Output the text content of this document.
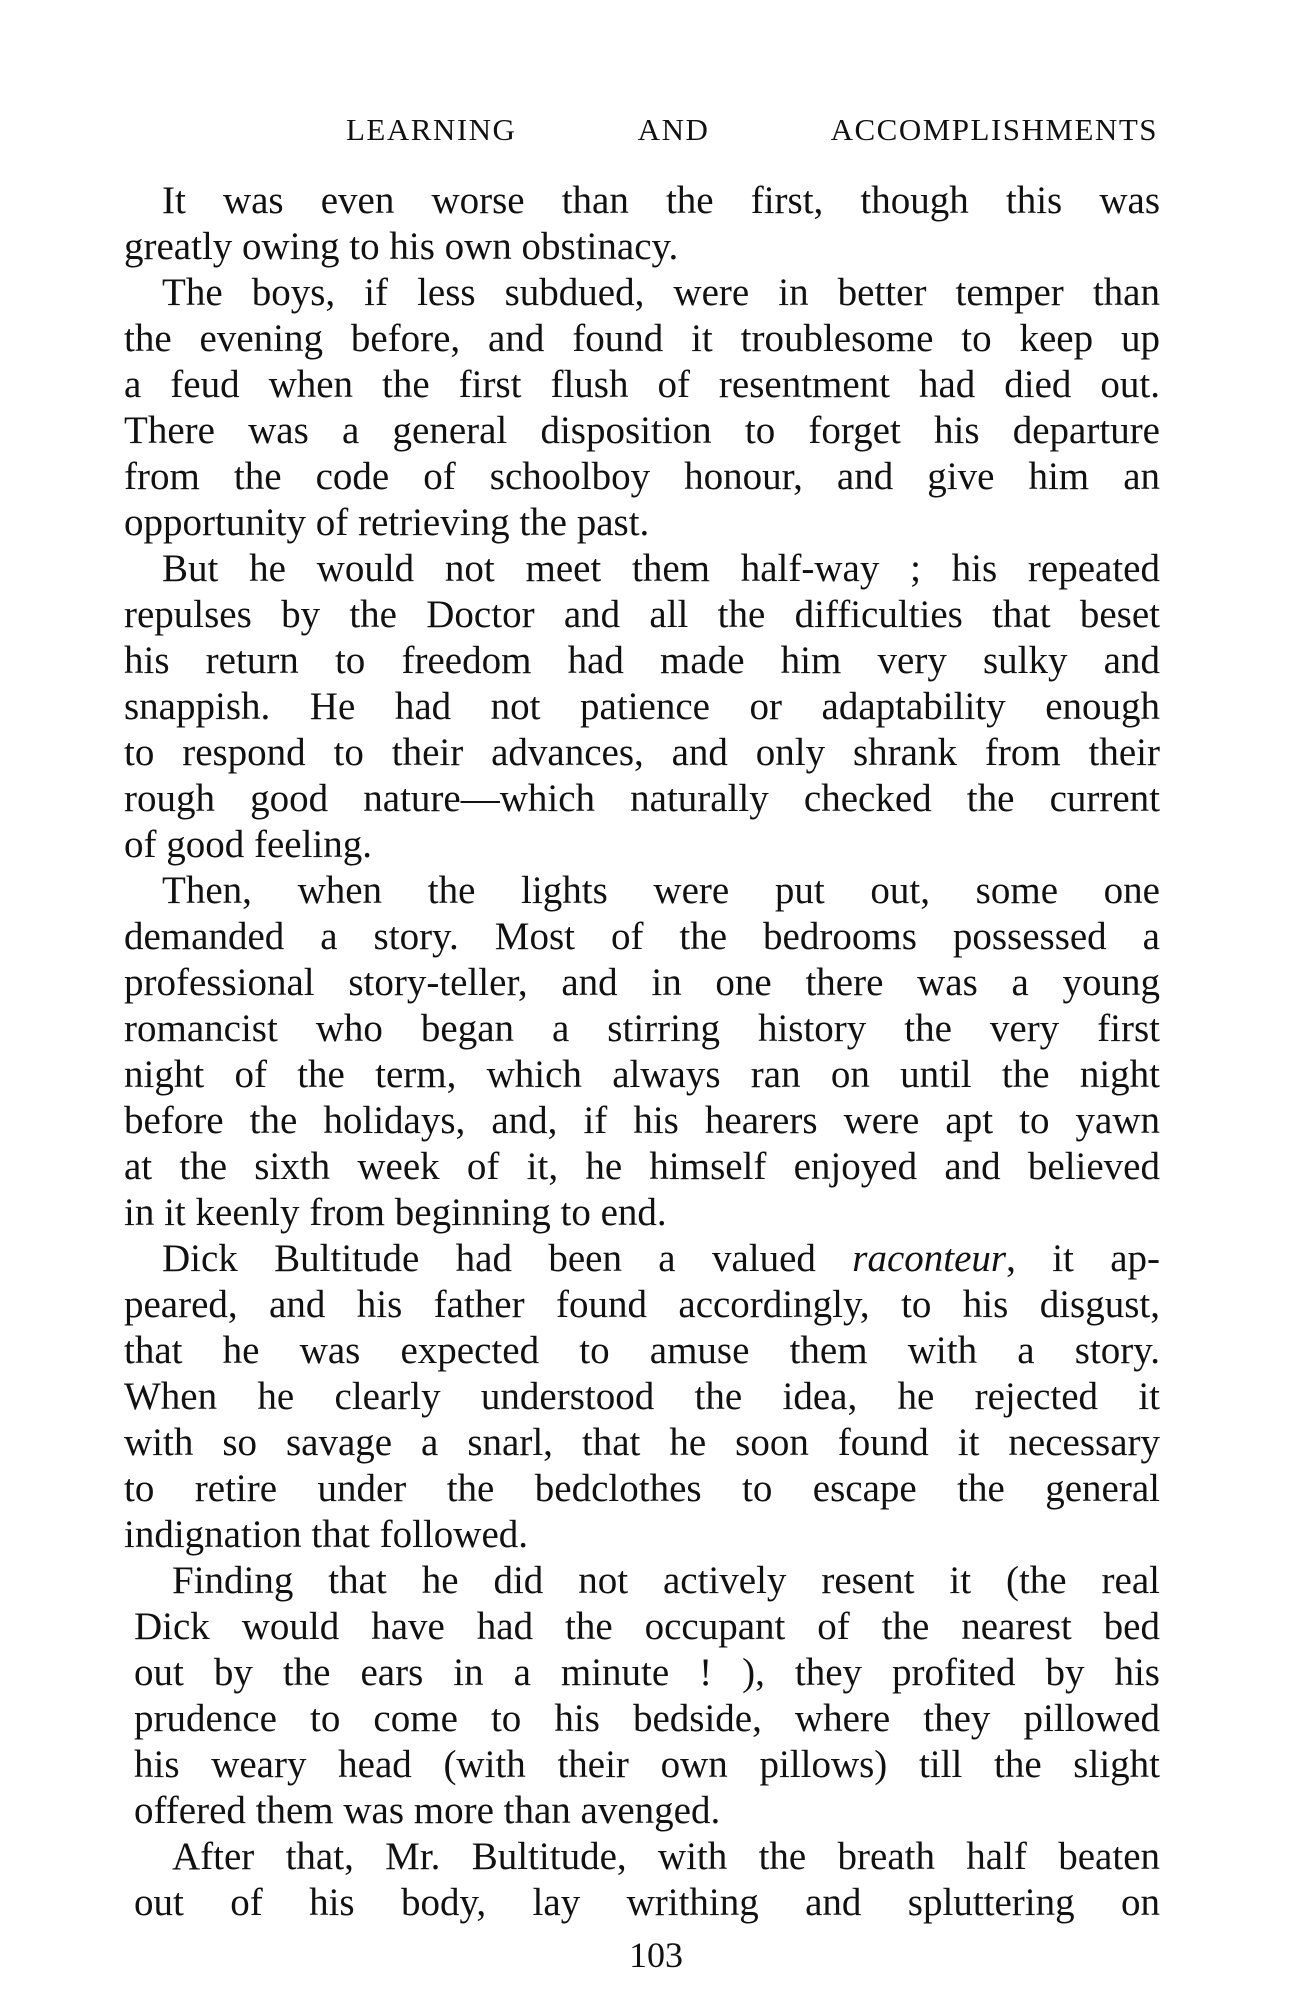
LEARNING AND ACCOMPLISHMENTS
It was even worse than the first, though this was
greatly owing to his own obstinacy.
The boys, if less subdued, were in better temper than
the evening before, and found it troublesome to keep up
a feud when the first flush of resentment had died out.
There was a general disposition to forget his departure
from the code of schoolboy honour, and give him an
opportunity of retrieving the past.
But he would not meet them half-way ; his repeated
repulses by the Doctor and all the difficulties that beset
his return to freedom had made him very sulky and
snappish. He had not patience or adaptability enough
to respond to their advances, and only shrank from their
rough good nature—which naturally checked the current
of good feeling.
Then, when the lights were put out, some one
demanded a story. Most of the bedrooms possessed a
professional story-teller, and in one there was a young
romancist who began a stirring history the very first
night of the term, which always ran on until the night
before the holidays, and, if his hearers were apt to yawn
at the sixth week of it, he himself enjoyed and believed
in it keenly from beginning to end.
Dick Bultitude had been a valued raconteur, it ap-
peared, and his father found accordingly, to his disgust,
that he was expected to amuse them with a story.
When he clearly understood the idea, he rejected it
with so savage a snarl, that he soon found it necessary
to retire under the bedclothes to escape the general
indignation that followed.
Finding that he did not actively resent it (the real
Dick would have had the occupant of the nearest bed
out by the ears in a minute ! ), they profited by his
prudence to come to his bedside, where they pillowed
his weary head (with their own pillows) till the slight
offered them was more than avenged.
After that, Mr. Bultitude, with the breath half beaten
out of his body, lay writhing and spluttering on
103
